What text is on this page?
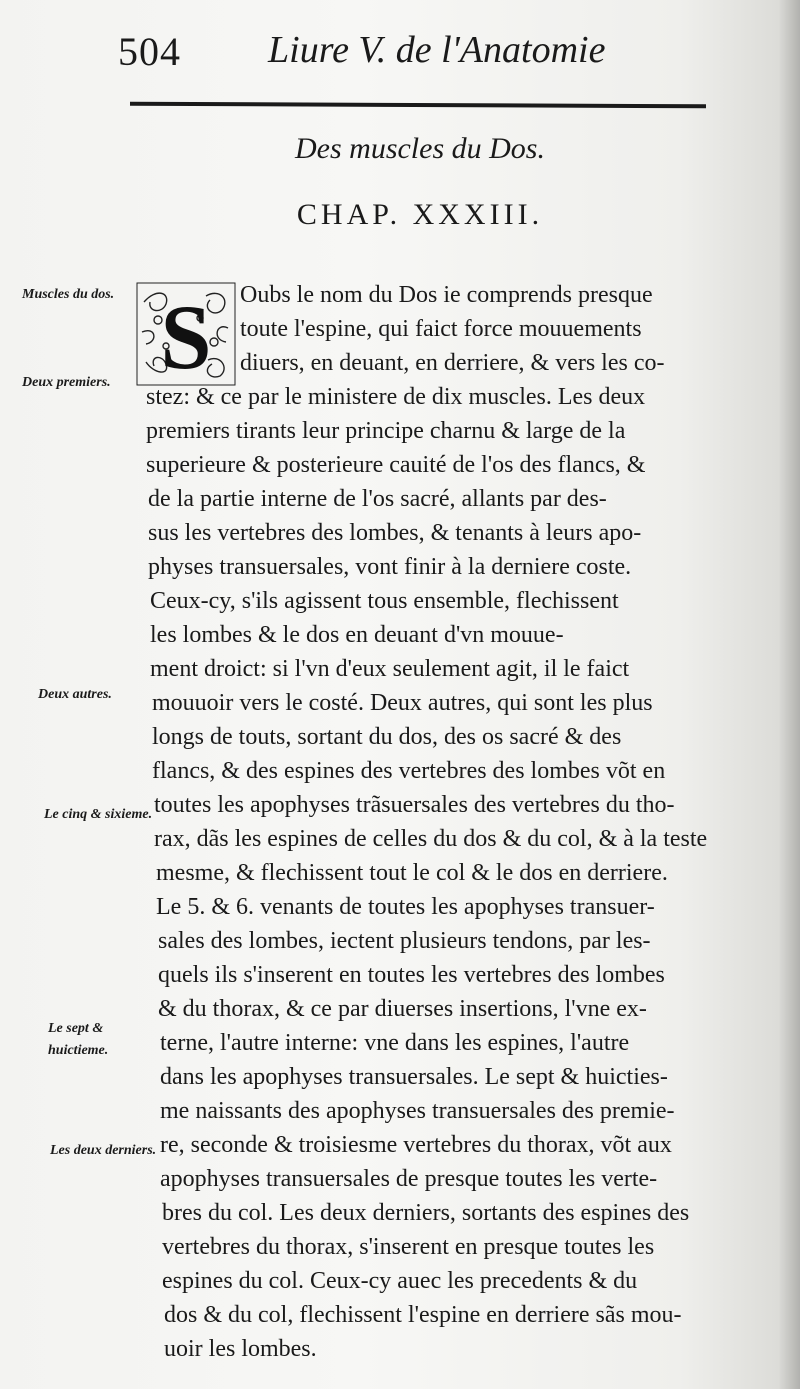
504 Liure V. de l'Anatomie
Des muscles du Dos.
CHAP. XXXIII.
Muscles du dos.
Deux premiers.
Deux autres.
Le cinq & sixieme.
Le sept & huictieme.
Les deux derniers.
S Oubs le nom du Dos ie comprends presque
toute l'espine, qui faict force mouuements
diuers, en deuant, en derriere, & vers les co-
stez: & ce par le ministere de dix muscles. Les deux
premiers tirants leur principe charnu & large de la
superieure & posterieure cauité de l'os des flancs, &
de la partie interne de l'os sacré, allants par des-
sus les vertebres des lombes, & tenants à leurs apo-
physes transuersales, vont finir à la derniere coste.
Ceux-cy, s'ils agissent tous ensemble, flechissent
les lombes & le dos en deuant d'vn mouue-
ment droict: si l'vn d'eux seulement agit, il le faict
mouuoir vers le costé. Deux autres, qui sont les plus
longs de touts, sortant du dos, des os sacré & des
flancs, & des espines des vertebres des lombes võt en
toutes les apophyses trãsuersales des vertebres du tho-
rax, dãs les espines de celles du dos & du col, & à la teste
mesme, & flechissent tout le col & le dos en derriere.
Le 5. & 6. venants de toutes les apophyses transuer-
sales des lombes, iectent plusieurs tendons, par les-
quels ils s'inserent en toutes les vertebres des lombes
& du thorax, & ce par diuerses insertions, l'vne ex-
terne, l'autre interne: vne dans les espines, l'autre
dans les apophyses transuersales. Le sept & huicties-
me naissants des apophyses transuersales des premie-
re, seconde & troisiesme vertebres du thorax, võt aux
apophyses transuersales de presque toutes les verte-
bres du col. Les deux derniers, sortants des espines des
vertebres du thorax, s'inserent en presque toutes les
espines du col. Ceux-cy auec les precedents & du
dos & du col, flechissent l'espine en derriere sãs mou-
uoir les lombes.
